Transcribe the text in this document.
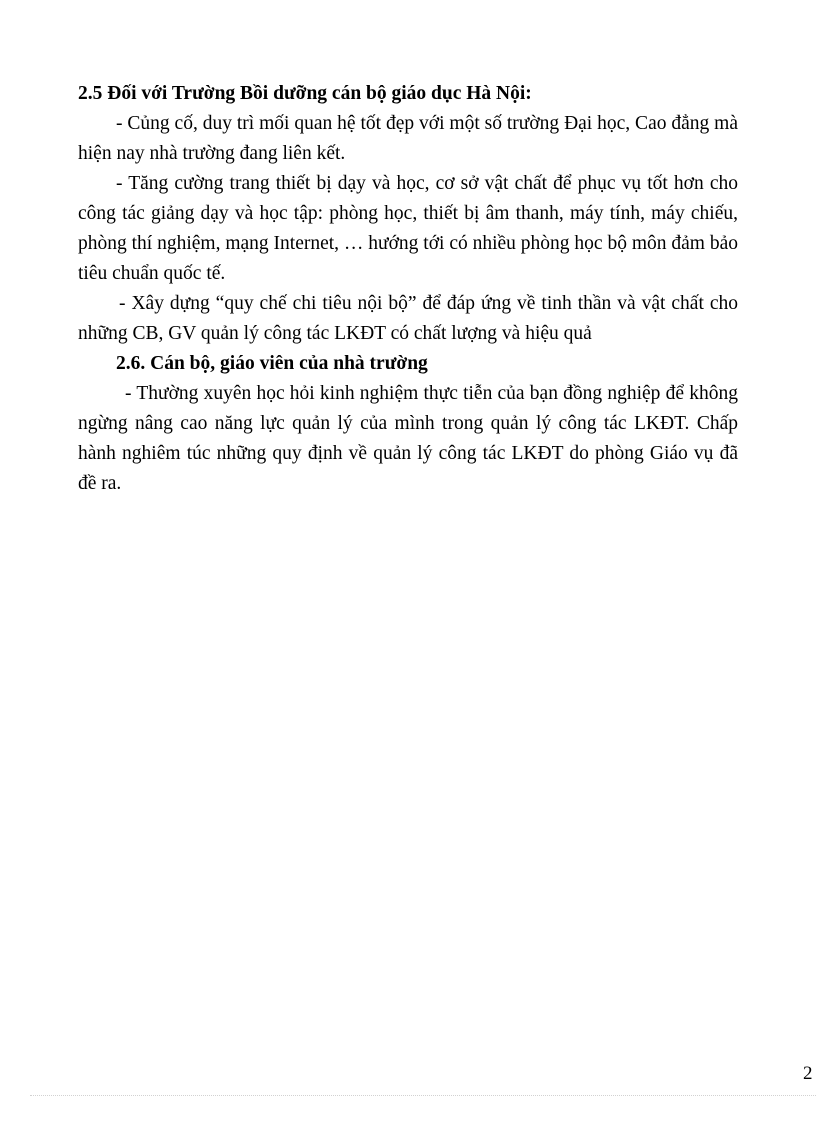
2.5 Đối với Trường Bồi dưỡng cán bộ giáo dục Hà Nội:

- Củng cố, duy trì mối quan hệ tốt đẹp với một số trường Đại học, Cao đẳng mà hiện nay nhà trường đang liên kết.

- Tăng cường trang thiết bị dạy và học, cơ sở vật chất để phục vụ tốt hơn cho công tác giảng dạy và học tập: phòng học, thiết bị âm thanh, máy tính, máy chiếu, phòng thí nghiệm, mạng Internet, … hướng tới có nhiều phòng học bộ môn đảm bảo tiêu chuẩn quốc tế.

- Xây dựng “quy chế chi tiêu nội bộ” để đáp ứng về tinh thần và vật chất cho những CB, GV quản lý công tác LKĐT có chất lượng và hiệu quả

2.6. Cán bộ, giáo viên của nhà trường

- Thường xuyên học hỏi kinh nghiệm thực tiễn của bạn đồng nghiệp để không ngừng nâng cao năng lực quản lý của mình trong quản lý công tác LKĐT. Chấp hành nghiêm túc những quy định về quản lý công tác LKĐT do phòng Giáo vụ đã đề ra.

2
